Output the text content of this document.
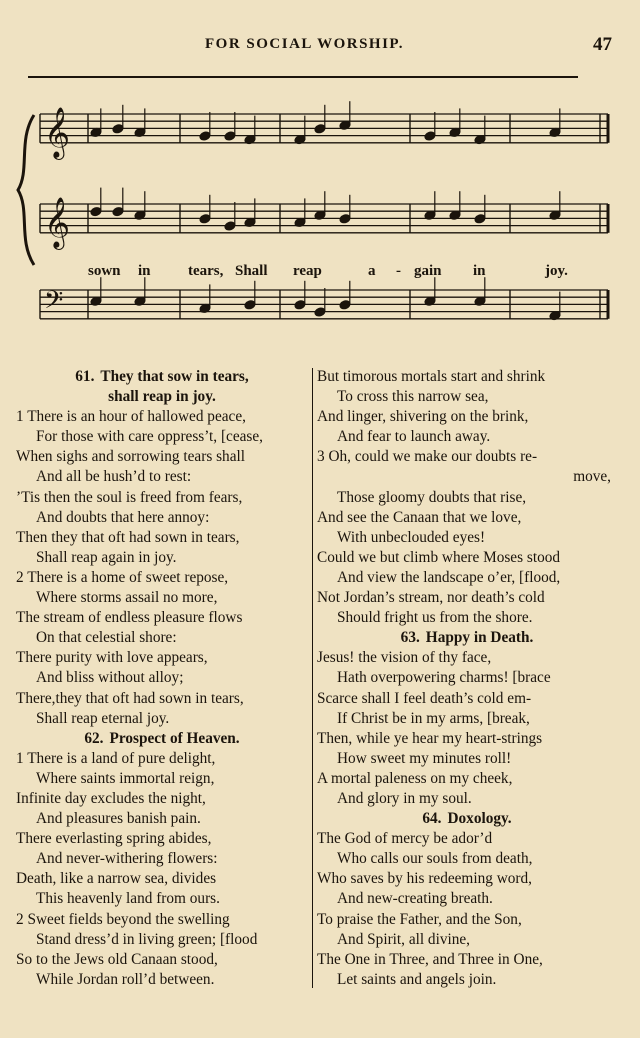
FOR SOCIAL WORSHIP.	47
𝄞
𝄞
𝄢
sown in tears, Shall reap	a - gain in	joy.
61. They that sow in tears,
shall reap in joy.
1 There is an hour of hallowed peace,
For those with care oppress’t, [cease,
When sighs and sorrowing tears shall
And all be hush’d to rest:
’Tis then the soul is freed from fears,
And doubts that here annoy:
Then they that oft had sown in tears,
Shall reap again in joy.
2 There is a home of sweet repose,
Where storms assail no more,
The stream of endless pleasure flows
On that celestial shore:
There purity with love appears,
And bliss without alloy;
There,they that oft had sown in tears,
Shall reap eternal joy.
62. Prospect of Heaven.
1 There is a land of pure delight,
Where saints immortal reign,
Infinite day excludes the night,
And pleasures banish pain.
There everlasting spring abides,
And never-withering flowers:
Death, like a narrow sea, divides
This heavenly land from ours.
2 Sweet fields beyond the swelling
Stand dress’d in living green; [flood
So to the Jews old Canaan stood,
While Jordan roll’d between.
But timorous mortals start and shrink
To cross this narrow sea,
And linger, shivering on the brink,
And fear to launch away.
3 Oh, could we make our doubts re-
move,
Those gloomy doubts that rise,
And see the Canaan that we love,
With unbeclouded eyes!
Could we but climb where Moses stood
And view the landscape o’er, [flood,
Not Jordan’s stream, nor death’s cold
Should fright us from the shore.
63. Happy in Death.
Jesus! the vision of thy face,
Hath overpowering charms! [brace
Scarce shall I feel death’s cold em-
If Christ be in my arms, [break,
Then, while ye hear my heart-strings
How sweet my minutes roll!
A mortal paleness on my cheek,
And glory in my soul.
64. Doxology.
The God of mercy be ador’d
Who calls our souls from death,
Who saves by his redeeming word,
And new-creating breath.
To praise the Father, and the Son,
And Spirit, all divine,
The One in Three, and Three in One,
Let saints and angels join.
